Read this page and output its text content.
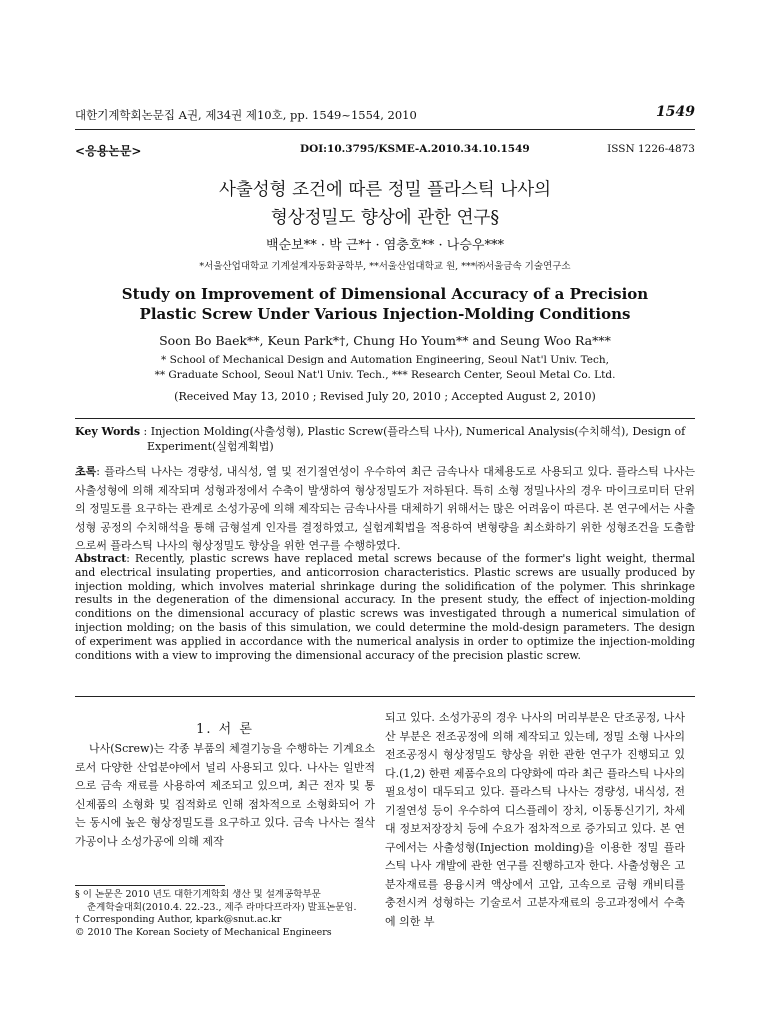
대한기계학회논문집 A권, 제34권 제10호, pp. 1549~1554, 2010	1549
<응용논문>	DOI:10.3795/KSME-A.2010.34.10.1549	ISSN 1226-4873
사출성형 조건에 따른 정밀 플라스틱 나사의
형상정밀도 향상에 관한 연구§
백순보** · 박 근*† · 염충호** · 나승우***
*서울산업대학교 기계설계자동화공학부, **서울산업대학교 원, ***㈜서울금속 기술연구소
Study on Improvement of Dimensional Accuracy of a Precision
Plastic Screw Under Various Injection-Molding Conditions
Soon Bo Baek**, Keun Park*†, Chung Ho Youm** and Seung Woo Ra***
* School of Mechanical Design and Automation Engineering, Seoul Nat'l Univ. Tech,
** Graduate School, Seoul Nat'l Univ. Tech., *** Research Center, Seoul Metal Co. Ltd.
(Received May 13, 2010 ; Revised July 20, 2010 ; Accepted August 2, 2010)
Key Words : Injection Molding(사출성형), Plastic Screw(플라스틱 나사), Numerical Analysis(수치해석), Design of
Experiment(실험계획법)
초록: 플라스틱 나사는 경량성, 내식성, 열 및 전기절연성이 우수하여 최근 금속나사 대체용도로 사용되고 있다. 플라스틱 나사는 사출성형에 의해 제작되며 성형과정에서 수축이 발생하여 형상정밀도가 저하된다. 특히 소형 정밀나사의 경우 마이크로미터 단위의 정밀도를 요구하는 관계로 소성가공에 의해 제작되는 금속나사를 대체하기 위해서는 많은 어려움이 따른다. 본 연구에서는 사출성형 공정의 수치해석을 통해 금형설계 인자를 결정하였고, 실험계획법을 적용하여 변형량을 최소화하기 위한 성형조건을 도출함으로써 플라스틱 나사의 형상정밀도 향상을 위한 연구를 수행하였다.
Abstract: Recently, plastic screws have replaced metal screws because of the former's light weight, thermal and electrical insulating properties, and anticorrosion characteristics. Plastic screws are usually produced by injection molding, which involves material shrinkage during the solidification of the polymer. This shrinkage results in the degeneration of the dimensional accuracy. In the present study, the effect of injection-molding conditions on the dimensional accuracy of plastic screws was investigated through a numerical simulation of injection molding; on the basis of this simulation, we could determine the mold-design parameters. The design of experiment was applied in accordance with the numerical analysis in order to optimize the injection-molding conditions with a view to improving the dimensional accuracy of the precision plastic screw.
1. 서 론

나사(Screw)는 각종 부품의 체결기능을 수행하는 기계요소로서 다양한 산업분야에서 널리 사용되고 있다. 나사는 일반적으로 금속 재료를 사용하여 제조되고 있으며, 최근 전자 및 통신제품의 소형화 및 집적화로 인해 점차적으로 소형화되어 가는 동시에 높은 형상정밀도를 요구하고 있다. 금속 나사는 절삭가공이나 소성가공에 의해 제작

되고 있다. 소성가공의 경우 나사의 머리부분은 단조공정, 나사산 부분은 전조공정에 의해 제작되고 있는데, 정밀 소형 나사의 전조공정시 형상정밀도 향상을 위한 관한 연구가 진행되고 있다.(1,2) 한편 제품수요의 다양화에 따라 최근 플라스틱 나사의 필요성이 대두되고 있다. 플라스틱 나사는 경량성, 내식성, 전기절연성 등이 우수하여 디스플레이 장치, 이동통신기기, 차세대 정보저장장치 등에 수요가 점차적으로 증가되고 있다. 본 연구에서는 사출성형(Injection molding)을 이용한 정밀 플라스틱 나사 개발에 관한 연구를 진행하고자 한다. 사출성형은 고분자재료를 용융시켜 액상에서 고압, 고속으로 금형 캐비티를 충전시켜 성형하는 기술로서 고분자재료의 응고과정에서 수축에 의한 부

§ 이 논문은 2010 년도 대한기계학회 생산 및 설계공학부문
춘계학술대회(2010.4. 22.-23., 제주 라마다프라자) 발표논문임.
† Corresponding Author, kpark@snut.ac.kr
© 2010 The Korean Society of Mechanical Engineers
